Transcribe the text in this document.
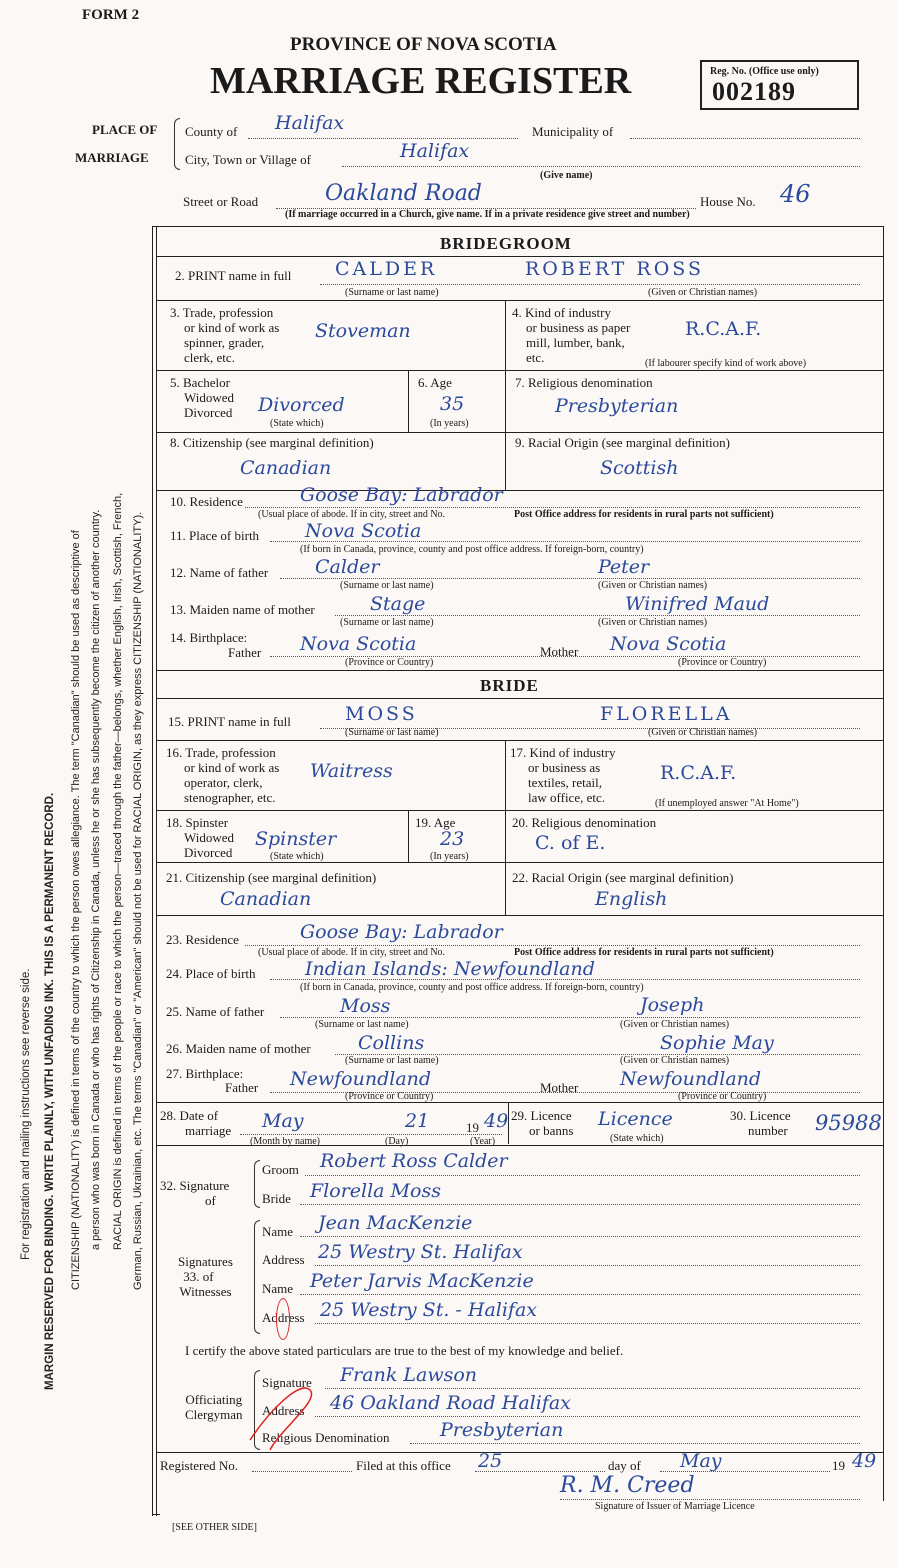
For registration and mailing instructions see reverse side. MARGIN RESERVED FOR BINDING. WRITE PLAINLY, WITH UNFADING INK. THIS IS A PERMANENT RECORD. CITIZENSHIP (NATIONALITY) is defined in terms of the country to which the person owes allegiance. The term "Canadian" should be used as descriptive of a person who was born in Canada or who has rights of Citizenship in Canada, unless he or she has subsequently become the citizen of another country. RACIAL ORIGIN is defined in terms of the people or race to which the person—traced through the father—belongs, whether English, Irish, Scottish, French, German, Russian, Ukrainian, etc. The terms "Canadian" or "American" should not be used for RACIAL ORIGIN, as they express CITIZENSHIP (NATIONALITY).
FORM 2
PROVINCE OF NOVA SCOTIA
MARRIAGE REGISTER	Reg. No. (Office use only)
002189
PLACE OF
MARRIAGE
County of Halifax	Municipality of
City, Town or Village of	Halifax
(Give name)
Street or Road	Oakland Road	House No. 46
(If marriage occurred in a Church, give name. If in a private residence give street and number)
BRIDEGROOM
2. PRINT name in full CALDER	ROBERT ROSS
(Surname or last name)	(Given or Christian names)
3. Trade, profession
or kind of work as
spinner, grader,
clerk, etc.
Stoveman
4. Kind of industry
or business as paper
mill, lumber, bank,
etc.
R.C.A.F.
(If labourer specify kind of work above)
5. Bachelor
Widowed
Divorced Divorced
(State which)
6. Age
35
(In years)
7. Religious denomination
Presbyterian
8. Citizenship (see marginal definition)
Canadian
9. Racial Origin (see marginal definition)
Scottish
10. Residence	Goose Bay: Labrador
(Usual place of abode. If in city, street and No.	Post Office address for residents in rural parts not sufficient)
11. Place of birth Nova Scotia
(If born in Canada, province, county and post office address. If foreign-born, country)
12. Name of father Calder	Peter
(Surname or last name)	(Given or Christian names)
13. Maiden name of mother	Stage	Winifred Maud
(Surname or last name)	(Given or Christian names)
14. Birthplace:
Father Nova Scotia	Mother Nova Scotia
(Province or Country)	(Province or Country)
BRIDE
15. PRINT name in full	MOSS	FLORELLA
(Surname or last name)	(Given or Christian names)
16. Trade, profession
or kind of work as
operator, clerk,
stenographer, etc.
Waitress
17. Kind of industry
or business as
textiles, retail,
law office, etc.
R.C.A.F.
(If unemployed answer "At Home")
18. Spinster
Widowed
Divorced
Spinster
(State which)
19. Age
23
(In years)
20. Religious denomination
C. of E.
21. Citizenship (see marginal definition)
Canadian
22. Racial Origin (see marginal definition)
English
23. Residence	Goose Bay: Labrador
(Usual place of abode. If in city, street and No.	Post Office address for residents in rural parts not sufficient)
24. Place of birth	Indian Islands: Newfoundland
(If born in Canada, province, county and post office address. If foreign-born, country)
25. Name of father	Moss	Joseph
(Surname or last name)	(Given or Christian names)
26. Maiden name of mother Collins	Sophie May
(Surname or last name)	(Given or Christian names)
27. Birthplace:
Father Newfoundland	Mother Newfoundland
(Province or Country)	(Province or Country)
28. Date of
marriage May	21	19 49
(Month by name)	(Day)	(Year)
29. Licence
or banns
Licence
(State which)
30. Licence
number 95988
32. Signature
of
Groom Robert Ross Calder
Bride Florella Moss
Signatures
33. of
Witnesses
Name Jean MacKenzie
Address 25 Westry St. Halifax
Name Peter Jarvis MacKenzie
Address 25 Westry St. - Halifax
I certify the above stated particulars are true to the best of my knowledge and belief.
Officiating
Clergyman
Signature Frank Lawson
Address 46 Oakland Road Halifax
Religious Denomination	Presbyterian
Registered No.	Filed at this office 25	day of May	19 49
R. M. Creed
Signature of Issuer of Marriage Licence
[SEE OTHER SIDE]
